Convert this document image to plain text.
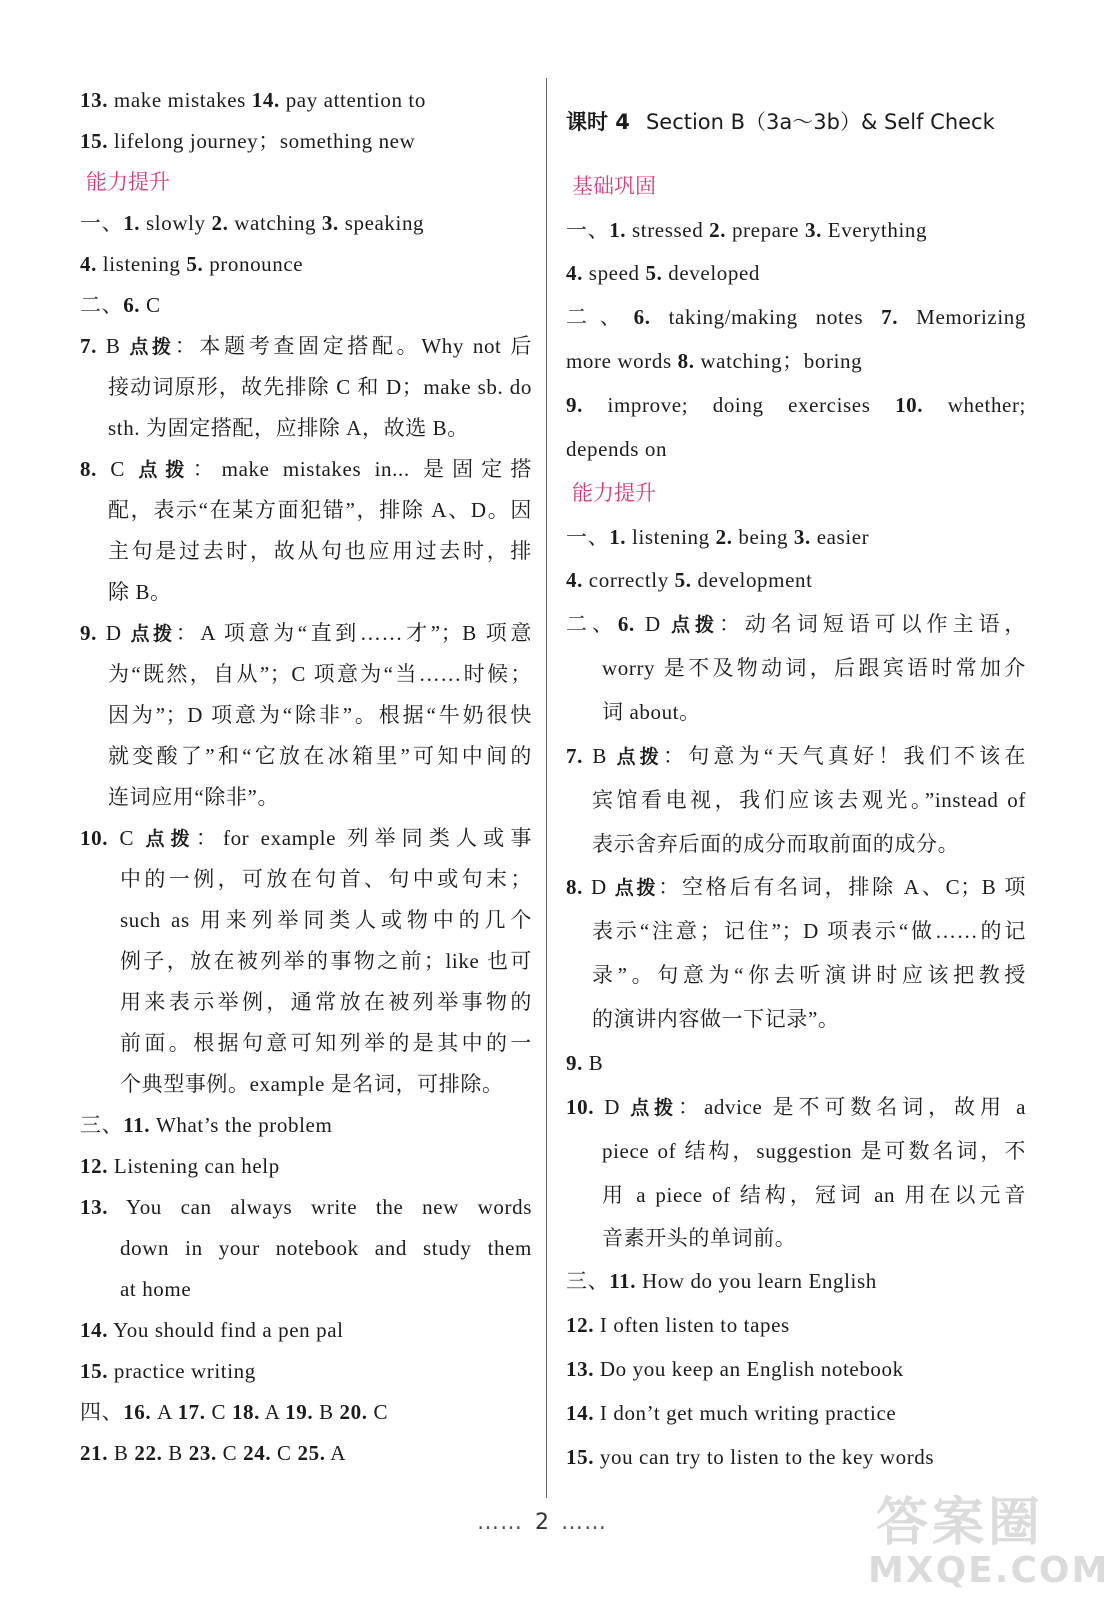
13. make mistakes 14. pay attention to
15. lifelong journey；something new
能力提升
一、1. slowly 2. watching 3. speaking
4. listening 5. pronounce
二、6. C
7. B 点拨：本题考查固定搭配。Why not 后
接动词原形，故先排除 C 和 D；make sb. do
sth. 为固定搭配，应排除 A，故选 B。
8. C 点拨：make mistakes in... 是固定搭
配，表示“在某方面犯错”，排除 A、D。因
主句是过去时，故从句也应用过去时，排
除 B。
9. D 点拨：A 项意为“直到……才”；B 项意
为“既然，自从”；C 项意为“当……时候；
因为”；D 项意为“除非”。根据“牛奶很快
就变酸了”和“它放在冰箱里”可知中间的
连词应用“除非”。
10. C 点拨：for example 列举同类人或事
中的一例，可放在句首、句中或句末；
such as 用来列举同类人或物中的几个
例子，放在被列举的事物之前；like 也可
用来表示举例，通常放在被列举事物的
前面。根据句意可知列举的是其中的一
个典型事例。example 是名词，可排除。
三、11. What’s the problem
12. Listening can help
13. You can always write the new words
down in your notebook and study them
at home
14. You should find a pen pal
15. practice writing
四、16. A 17. C 18. A 19. B 20. C
21. B 22. B 23. C 24. C 25. A
课时 4 Section B（3a～3b）& Self Check
基础巩固
一、1. stressed 2. prepare 3. Everything
4. speed 5. developed
二、6. taking/making notes 7. Memorizing
more words 8. watching；boring
9. improve; doing exercises 10. whether;
depends on
能力提升
一、1. listening 2. being 3. easier
4. correctly 5. development
二、6. D 点拨：动名词短语可以作主语，
worry 是不及物动词，后跟宾语时常加介
词 about。
7. B 点拨：句意为“天气真好！我们不该在
宾馆看电视，我们应该去观光。”instead of
表示舍弃后面的成分而取前面的成分。
8. D 点拨：空格后有名词，排除 A、C；B 项
表示“注意；记住”；D 项表示“做……的记
录”。句意为“你去听演讲时应该把教授
的演讲内容做一下记录”。
9. B
10. D 点拨：advice 是不可数名词，故用 a
piece of 结构，suggestion 是可数名词，不
用 a piece of 结构，冠词 an 用在以元音
音素开头的单词前。
三、11. How do you learn English
12. I often listen to tapes
13. Do you keep an English notebook
14. I don’t get much writing practice
15. you can try to listen to the key words
…… 2 ……	答案圈
MXQE.COM
